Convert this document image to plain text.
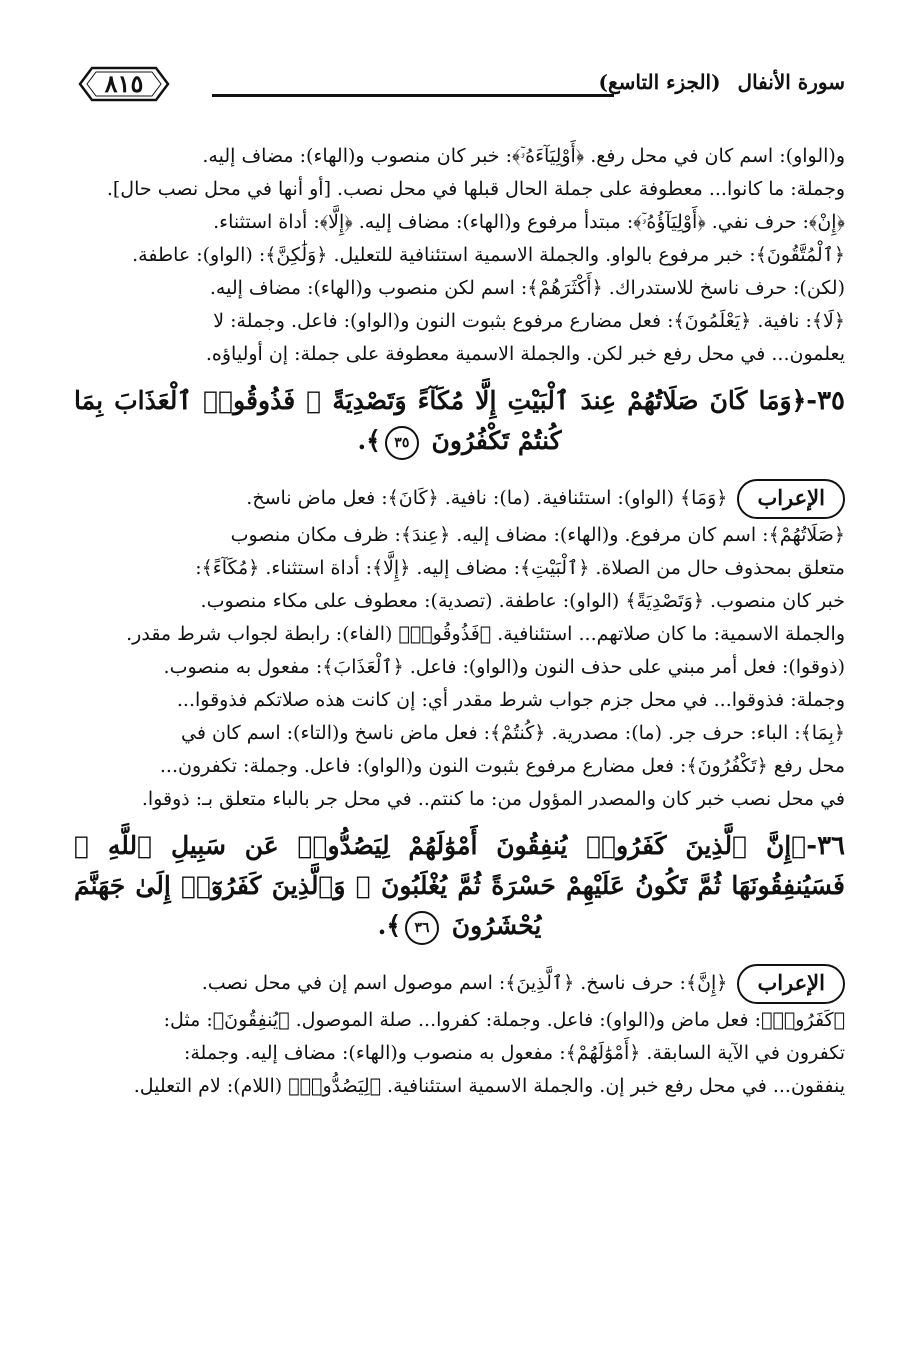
٨١٥	سورة الأنفال (الجزء التاسع)

و(الواو): اسم كان في محل رفع. ﴿أَوْلِيَآءَهُۥٓ﴾: خبر كان منصوب و(الهاء): مضاف إليه.

وجملة: ما كانوا... معطوفة على جملة الحال قبلها في محل نصب. [أو أنها في محل نصب حال].

﴿إِنْ﴾: حرف نفي. ﴿أَوْلِيَآؤُهُۥٓ﴾: مبتدأ مرفوع و(الهاء): مضاف إليه. ﴿إِلَّا﴾: أداة استثناء.

﴿ٱلْمُتَّقُونَ﴾: خبر مرفوع بالواو. والجملة الاسمية استئنافية للتعليل. ﴿وَلَٰكِنَّ﴾: (الواو): عاطفة.

(لكن): حرف ناسخ للاستدراك. ﴿أَكْثَرَهُمْ﴾: اسم لكن منصوب و(الهاء): مضاف إليه.

﴿لَا﴾: نافية. ﴿يَعْلَمُونَ﴾: فعل مضارع مرفوع بثبوت النون و(الواو): فاعل. وجملة: لا

يعلمون... في محل رفع خبر لكن. والجملة الاسمية معطوفة على جملة: إن أولياؤه.

٣٥-﴿وَمَا كَانَ صَلَاتُهُمْ عِندَ ٱلْبَيْتِ إِلَّا مُكَآءً وَتَصْدِيَةً ۚ فَذُوقُوا۟ ٱلْعَذَابَ بِمَا كُنتُمْ تَكْفُرُونَ ٣٥﴾.

الإعراب﴿وَمَا﴾ (الواو): استئنافية. (ما): نافية. ﴿كَانَ﴾: فعل ماض ناسخ.

﴿صَلَاتُهُمْ﴾: اسم كان مرفوع. و(الهاء): مضاف إليه. ﴿عِندَ﴾: ظرف مكان منصوب

متعلق بمحذوف حال من الصلاة. ﴿ٱلْبَيْتِ﴾: مضاف إليه. ﴿إِلَّا﴾: أداة استثناء. ﴿مُكَآءً﴾:

خبر كان منصوب. ﴿وَتَصْدِيَةً﴾ (الواو): عاطفة. (تصدية): معطوف على مكاء منصوب.

والجملة الاسمية: ما كان صلاتهم... استئنافية. ﴿فَذُوقُوا۟﴾ (الفاء): رابطة لجواب شرط مقدر.

(ذوقوا): فعل أمر مبني على حذف النون و(الواو): فاعل. ﴿ٱلْعَذَابَ﴾: مفعول به منصوب.

وجملة: فذوقوا... في محل جزم جواب شرط مقدر أي: إن كانت هذه صلاتكم فذوقوا...

﴿بِمَا﴾: الباء: حرف جر. (ما): مصدرية. ﴿كُنتُمْ﴾: فعل ماض ناسخ و(التاء): اسم كان في

محل رفع ﴿تَكْفُرُونَ﴾: فعل مضارع مرفوع بثبوت النون و(الواو): فاعل. وجملة: تكفرون...

في محل نصب خبر كان والمصدر المؤول من: ما كنتم.. في محل جر بالباء متعلق بـ: ذوقوا.

٣٦-﴿إِنَّ ٱلَّذِينَ كَفَرُوا۟ يُنفِقُونَ أَمْوَٰلَهُمْ لِيَصُدُّوا۟ عَن سَبِيلِ ٱللَّهِ ۚ فَسَيُنفِقُونَهَا ثُمَّ تَكُونُ عَلَيْهِمْ حَسْرَةً ثُمَّ يُغْلَبُونَ ۗ وَٱلَّذِينَ كَفَرُوٓا۟ إِلَىٰ جَهَنَّمَ يُحْشَرُونَ ٣٦﴾.

الإعراب﴿إِنَّ﴾: حرف ناسخ. ﴿ٱلَّذِينَ﴾: اسم موصول اسم إن في محل نصب.

﴿كَفَرُوا۟﴾: فعل ماض و(الواو): فاعل. وجملة: كفروا... صلة الموصول. ﴿يُنفِقُونَ﴾: مثل:

تكفرون في الآية السابقة. ﴿أَمْوَٰلَهُمْ﴾: مفعول به منصوب و(الهاء): مضاف إليه. وجملة:

ينفقون... في محل رفع خبر إن. والجملة الاسمية استئنافية. ﴿لِيَصُدُّوا۟﴾ (اللام): لام التعليل.
